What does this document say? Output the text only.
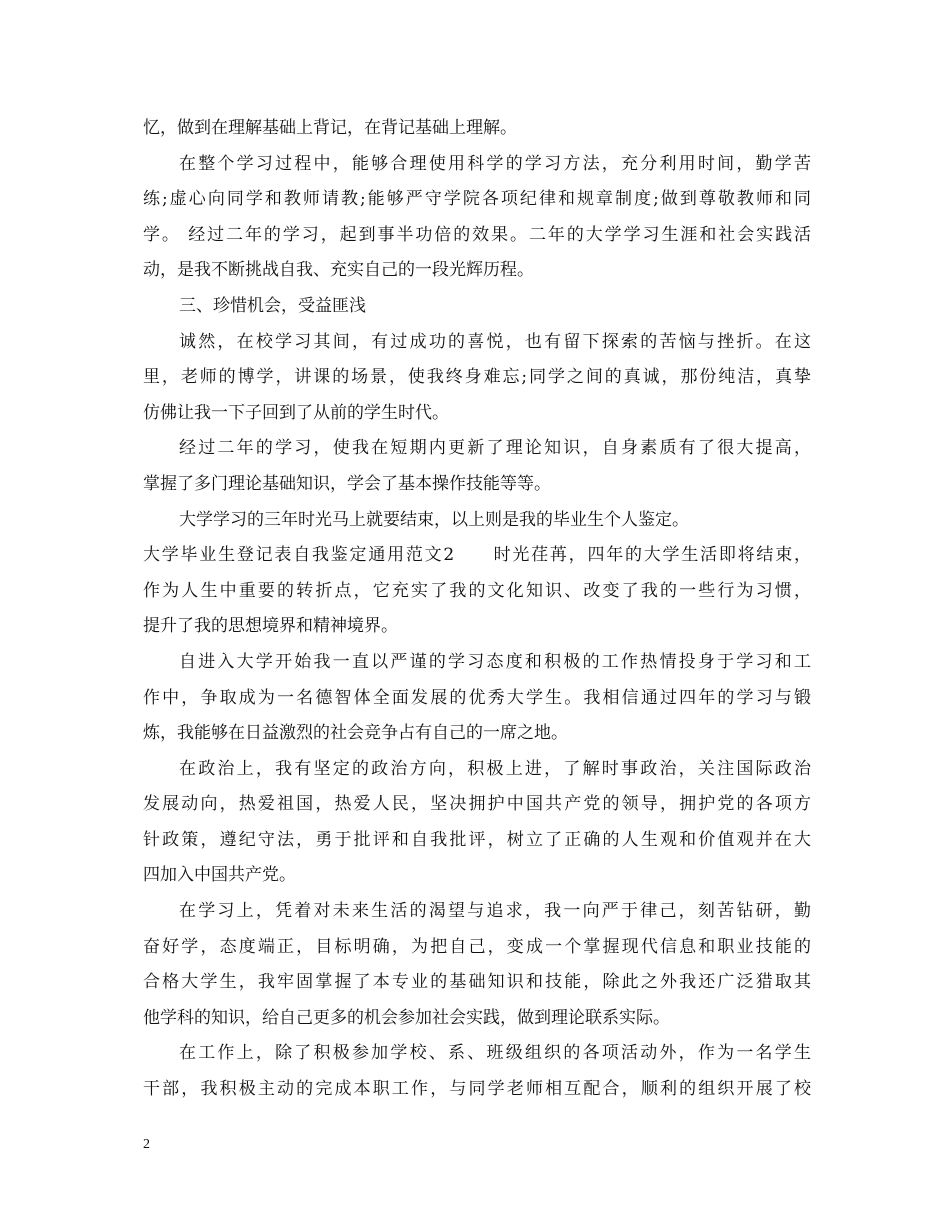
忆，做到在理解基础上背记，在背记基础上理解。
在整个学习过程中，能够合理使用科学的学习方法，充分利用时间，勤学苦
练;虚心向同学和教师请教;能够严守学院各项纪律和规章制度;做到尊敬教师和同
学。 经过二年的学习，起到事半功倍的效果。二年的大学学习生涯和社会实践活
动，是我不断挑战自我、充实自己的一段光辉历程。
三、珍惜机会，受益匪浅
诚然，在校学习其间，有过成功的喜悦，也有留下探索的苦恼与挫折。在这
里，老师的博学，讲课的场景，使我终身难忘;同学之间的真诚，那份纯洁，真挚
仿佛让我一下子回到了从前的学生时代。
经过二年的学习，使我在短期内更新了理论知识，自身素质有了很大提高，
掌握了多门理论基础知识，学会了基本操作技能等等。
大学学习的三年时光马上就要结束，以上则是我的毕业生个人鉴定。
大学毕业生登记表自我鉴定通用范文2　　时光荏苒，四年的大学生活即将结束，
作为人生中重要的转折点，它充实了我的文化知识、改变了我的一些行为习惯，
提升了我的思想境界和精神境界。
自进入大学开始我一直以严谨的学习态度和积极的工作热情投身于学习和工
作中，争取成为一名德智体全面发展的优秀大学生。我相信通过四年的学习与锻
炼，我能够在日益激烈的社会竞争占有自己的一席之地。
在政治上，我有坚定的政治方向，积极上进，了解时事政治，关注国际政治
发展动向，热爱祖国，热爱人民，坚决拥护中国共产党的领导，拥护党的各项方
针政策，遵纪守法，勇于批评和自我批评，树立了正确的人生观和价值观并在大
四加入中国共产党。
在学习上，凭着对未来生活的渴望与追求，我一向严于律己，刻苦钻研，勤
奋好学，态度端正，目标明确，为把自己，变成一个掌握现代信息和职业技能的
合格大学生，我牢固掌握了本专业的基础知识和技能，除此之外我还广泛猎取其
他学科的知识，给自己更多的机会参加社会实践，做到理论联系实际。
在工作上，除了积极参加学校、系、班级组织的各项活动外，作为一名学生
干部，我积极主动的完成本职工作，与同学老师相互配合，顺利的组织开展了校
2
